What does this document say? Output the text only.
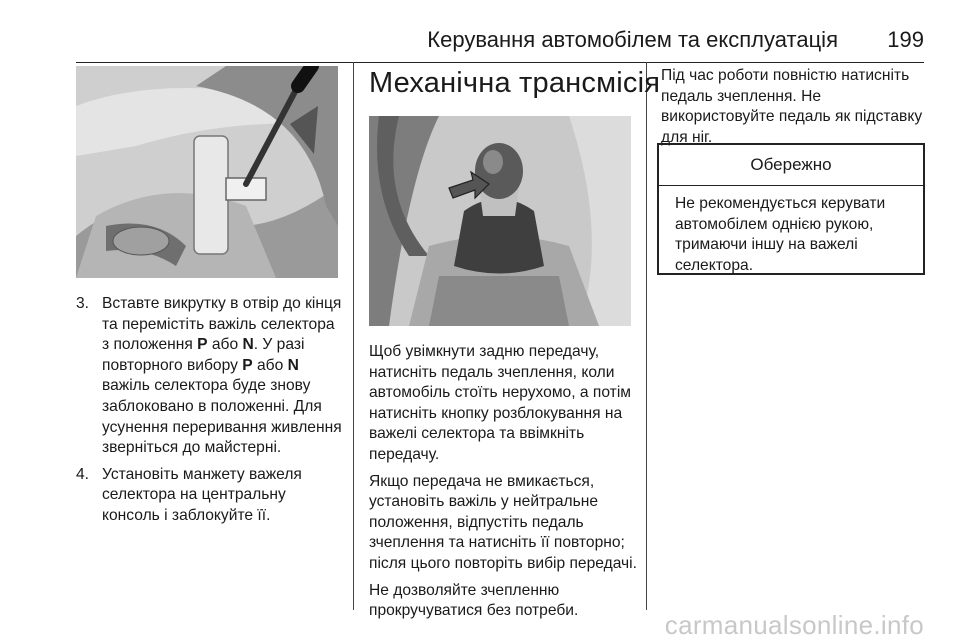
Керування автомобілем та експлуатація 199
3. Вставте викрутку в отвір до кінця та перемістіть важіль селектора з положення P або N. У разі повторного вибору P або N важіль селектора буде знову заблоковано в положенні. Для усунення переривання живлення зверніться до майстерні.
4. Установіть манжету важеля селектора на центральну консоль і заблокуйте її.
Механічна трансмісія

Щоб увімкнути задню передачу, натисніть педаль зчеплення, коли автомобіль стоїть нерухомо, а потім натисніть кнопку розблокування на важелі селектора та ввімкніть передачу.

Якщо передача не вмикається, установіть важіль у нейтральне положення, відпустіть педаль зчеплення та натисніть її повторно; після цього повторіть вибір передачі.

Не дозволяйте зчепленню прокручуватися без потреби.

Під час роботи повністю натисніть педаль зчеплення. Не використовуйте педаль як підставку для ніг.

Обережно
Не рекомендується керувати автомобілем однією рукою, тримаючи іншу на важелі селектора.
carmanualsonline.info
